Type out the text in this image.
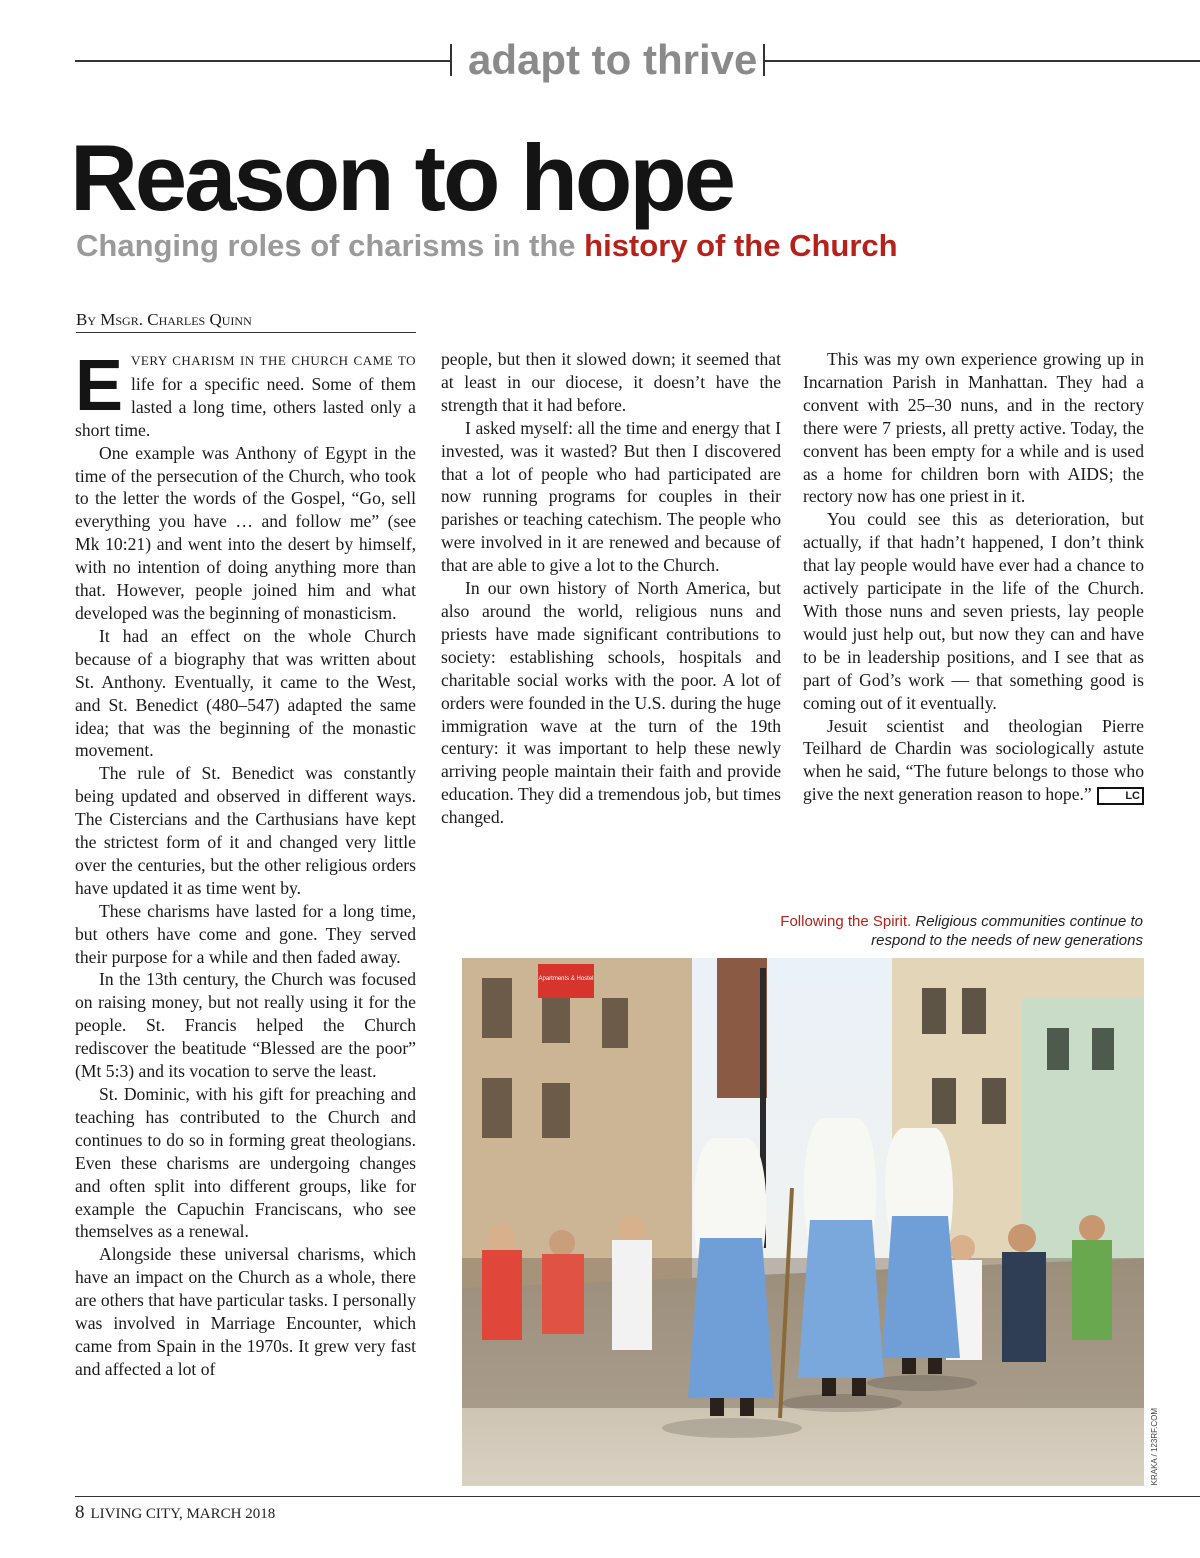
adapt to thrive
Reason to hope
Changing roles of charisms in the history of the Church
By Msgr. Charles Quinn

EVERY CHARISM IN THE CHURCH CAME TO life for a specific need. Some of them lasted a long time, others lasted only a short time.

One example was Anthony of Egypt in the time of the persecution of the Church, who took to the letter the words of the Gospel, “Go, sell everything you have … and follow me” (see Mk 10:21) and went into the desert by himself, with no intention of doing anything more than that. However, people joined him and what developed was the beginning of monasticism.

It had an effect on the whole Church because of a biography that was written about St. Anthony. Eventually, it came to the West, and St. Benedict (480–547) adapted the same idea; that was the beginning of the monastic movement.

The rule of St. Benedict was constantly being updated and observed in different ways. The Cistercians and the Carthusians have kept the strictest form of it and changed very little over the centuries, but the other religious orders have updated it as time went by.

These charisms have lasted for a long time, but others have come and gone. They served their purpose for a while and then faded away.

In the 13th century, the Church was focused on raising money, but not really using it for the people. St. Francis helped the Church rediscover the beatitude “Blessed are the poor” (Mt 5:3) and its vocation to serve the least.

St. Dominic, with his gift for preaching and teaching has contributed to the Church and continues to do so in forming great theologians. Even these charisms are undergoing changes and often split into different groups, like for example the Capuchin Franciscans, who see themselves as a renewal.

Alongside these universal charisms, which have an impact on the Church as a whole, there are others that have particular tasks. I personally was involved in Marriage Encounter, which came from Spain in the 1970s. It grew very fast and affected a lot of

people, but then it slowed down; it seemed that at least in our diocese, it doesn’t have the strength that it had before.

I asked myself: all the time and energy that I invested, was it wasted? But then I discovered that a lot of people who had participated are now running programs for couples in their parishes or teaching catechism. The people who were involved in it are renewed and because of that are able to give a lot to the Church.

In our own history of North America, but also around the world, religious nuns and priests have made significant contributions to society: establishing schools, hospitals and charitable social works with the poor. A lot of orders were founded in the U.S. during the huge immigration wave at the turn of the 19th century: it was important to help these newly arriving people maintain their faith and provide education. They did a tremendous job, but times changed.

This was my own experience growing up in Incarnation Parish in Manhattan. They had a convent with 25–30 nuns, and in the rectory there were 7 priests, all pretty active. Today, the convent has been empty for a while and is used as a home for children born with AIDS; the rectory now has one priest in it.

You could see this as deterioration, but actually, if that hadn’t happened, I don’t think that lay people would have ever had a chance to actively participate in the life of the Church. With those nuns and seven priests, lay people would just help out, but now they can and have to be in leadership positions, and I see that as part of God’s work — that something good is coming out of it eventually.

Jesuit scientist and theologian Pierre Teilhard de Chardin was sociologically astute when he said, “The future belongs to those who give the next generation reason to hope.”	LC

Following the Spirit. Religious communities continue to respond to the needs of new generations
Apartments & Hostel
KRAKA / 123RF.COM
8 LIVING CITY, MARCH 2018
